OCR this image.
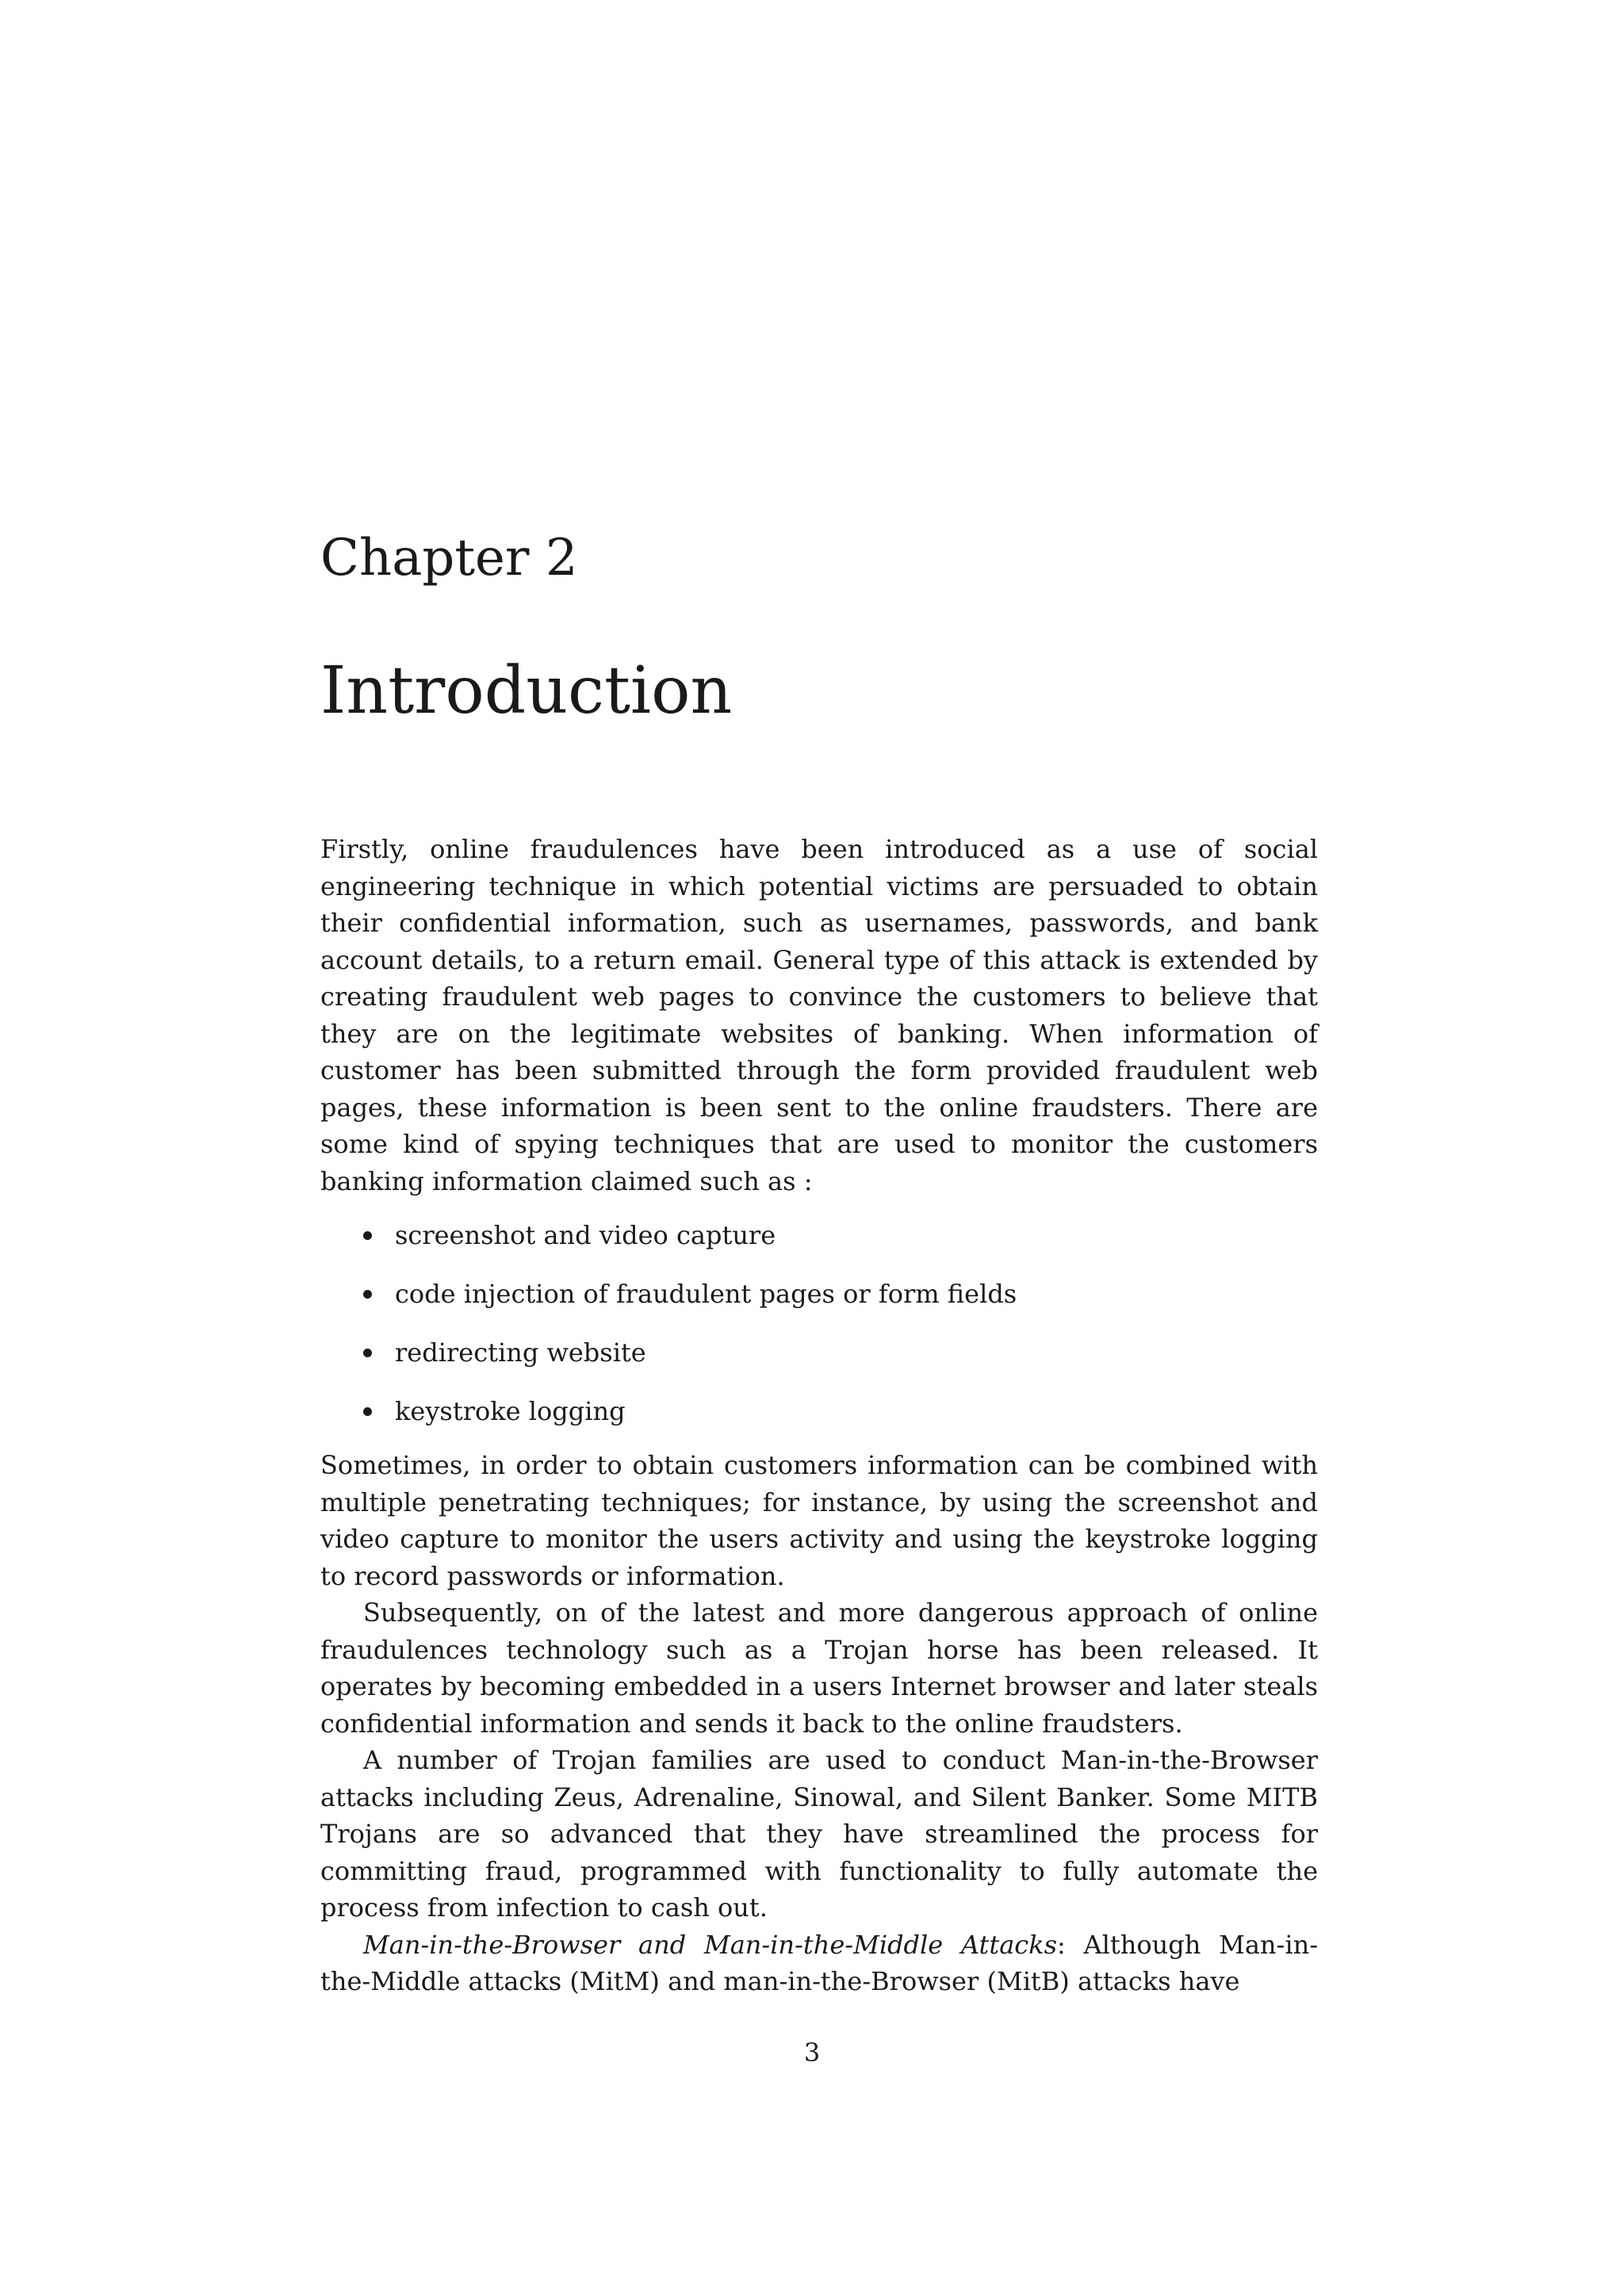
Chapter 2
Introduction

Firstly, online fraudulences have been introduced as a use of social engineering technique in which potential victims are persuaded to obtain their confidential information, such as usernames, passwords, and bank account details, to a return email. General type of this attack is extended by creating fraudulent web pages to convince the customers to believe that they are on the legitimate websites of banking. When information of customer has been submitted through the form provided fraudulent web pages, these information is been sent to the online fraudsters. There are some kind of spying techniques that are used to monitor the customers banking information claimed such as :

screenshot and video capture
code injection of fraudulent pages or form fields
redirecting website
keystroke logging

Sometimes, in order to obtain customers information can be combined with multiple penetrating techniques; for instance, by using the screenshot and video capture to monitor the users activity and using the keystroke logging to record passwords or information.

Subsequently, on of the latest and more dangerous approach of online fraudulences technology such as a Trojan horse has been released. It operates by becoming embedded in a users Internet browser and later steals confidential information and sends it back to the online fraudsters.

A number of Trojan families are used to conduct Man-in-the-Browser attacks including Zeus, Adrenaline, Sinowal, and Silent Banker. Some MITB Trojans are so advanced that they have streamlined the process for committing fraud, programmed with functionality to fully automate the process from infection to cash out.

Man-in-the-Browser and Man-in-the-Middle Attacks: Although Man-in-the-Middle attacks (MitM) and man-in-the-Browser (MitB) attacks have

3
